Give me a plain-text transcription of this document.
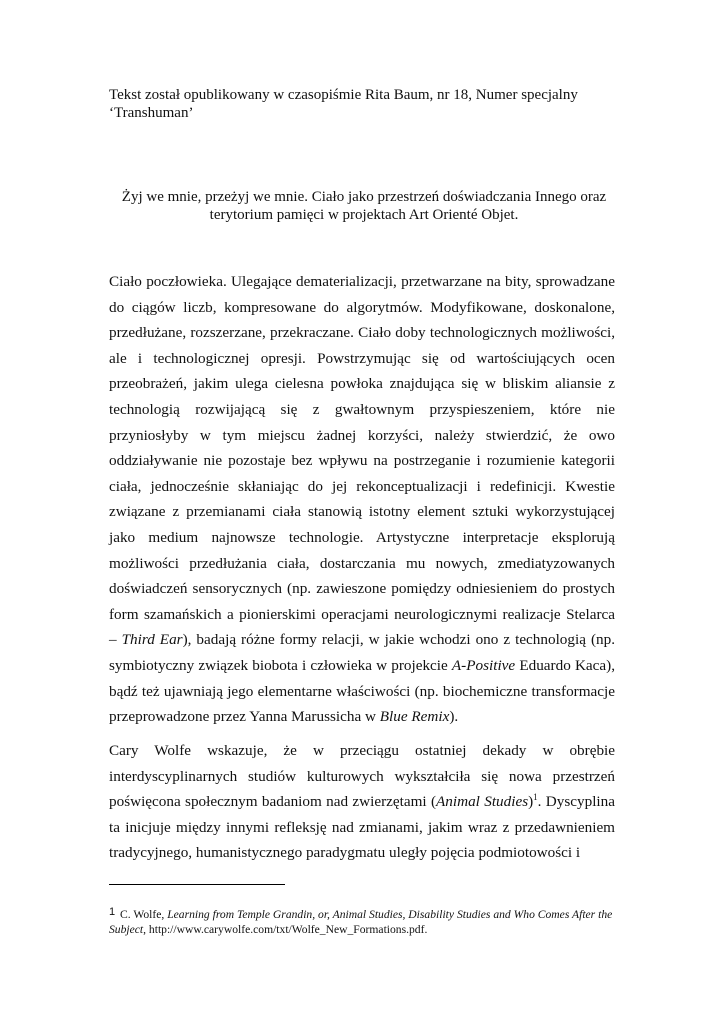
Tekst został opublikowany w czasopiśmie Rita Baum, nr 18, Numer specjalny ‘Transhuman’

Żyj we mnie, przeżyj we mnie. Ciało jako przestrzeń doświadczania Innego oraz terytorium pamięci w projektach Art Orienté Objet.

Ciało poczłowieka. Ulegające dematerializacji, przetwarzane na bity, sprowadzane do ciągów liczb, kompresowane do algorytmów. Modyfikowane, doskonalone, przedłużane, rozszerzane, przekraczane. Ciało doby technologicznych możliwości, ale i technologicznej opresji. Powstrzymując się od wartościujących ocen przeobrażeń, jakim ulega cielesna powłoka znajdująca się w bliskim aliansie z technologią rozwijającą się z gwałtownym przyspieszeniem, które nie przyniosłyby w tym miejscu żadnej korzyści, należy stwierdzić, że owo oddziaływanie nie pozostaje bez wpływu na postrzeganie i rozumienie kategorii ciała, jednocześnie skłaniając do jej rekonceptualizacji i redefinicji. Kwestie związane z przemianami ciała stanowią istotny element sztuki wykorzystującej jako medium najnowsze technologie. Artystyczne interpretacje eksplorują możliwości przedłużania ciała, dostarczania mu nowych, zmediatyzowanych doświadczeń sensorycznych (np. zawieszone pomiędzy odniesieniem do prostych form szamańskich a pionierskimi operacjami neurologicznymi realizacje Stelarca – Third Ear), badają różne formy relacji, w jakie wchodzi ono z technologią (np. symbiotyczny związek biobota i człowieka w projekcie A-Positive Eduardo Kaca), bądź też ujawniają jego elementarne właściwości (np. biochemiczne transformacje przeprowadzone przez Yanna Marussicha w Blue Remix).

Cary Wolfe wskazuje, że w przeciągu ostatniej dekady w obrębie interdyscyplinarnych studiów kulturowych wykształciła się nowa przestrzeń poświęcona społecznym badaniom nad zwierzętami (Animal Studies)$^1$. Dyscyplina ta inicjuje między innymi refleksję nad zmianami, jakim wraz z przedawnieniem tradycyjnego, humanistycznego paradygmatu uległy pojęcia podmiotowości i

1 C. Wolfe, Learning from Temple Grandin, or, Animal Studies, Disability Studies and Who Comes After the Subject, http://www.carywolfe.com/txt/Wolfe_New_Formations.pdf.
